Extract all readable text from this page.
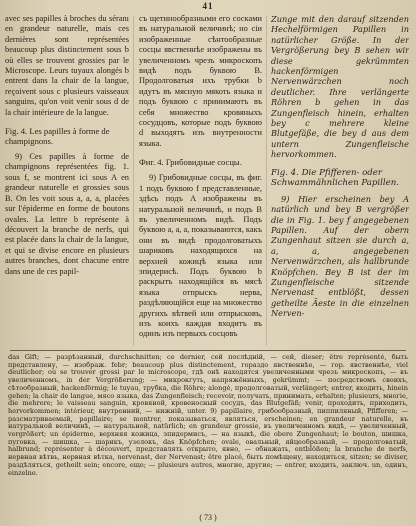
41

avec ses papilles à broches du séranı en grandeur naturelle, mais ces dernières sont représentées beaucoup plus distinctement sous b où elles se trouvent grossies par le Microscope. Leurs tuyaux alongés b entrent dans la chair de la langue, reçoivent sous c plusieurs vaisseaux sanguins, qu'on voit venir sous d de la chair intérieure de la langue.

Fig. 4. Les papilles à forme de champignons.

9) Ces papilles à forme de champignons représentées fig. 1. sous f, se montrent ici sous A en grandeur naturelle et grossies sous B. On les voit sous a, a, a, placées sur l'épiderme en forme de boutons ovales. La lettre b représente à découvert la branche de nerfs, qui est placée dans la chair de la langue, et qui se divise encore en plusieurs autres branches, dont chacune entre dans une de ces papil-

съ щетинообразными его сосками въ натуральной величинѣ; но сіи изображенные сѣнтообразные сосцы явственнѣе изображены въ увеличенномъ чрезъ микроскопъ видѣ подъ буквою B. Продолговатыя ихъ трубки b идутъ въ мясную мякоть языка и подъ буквою с принимаютъ въ себя множество кровяныхъ сосудцовъ, которые подъ буквою d выходятъ изъ внутренности языка.

Фиг. 4. Грибовидные сосцы.

9) Грибовидные сосцы, въ фиг. 1 подъ буквою f представленные, здѣсь подъ A изображены въ натуральной величинѣ, и подъ B въ увеличенномъ видѣ. Подъ буквою a, a, a, показываются, какъ они въ видѣ продолговатыхъ шариковъ находящихся на верхней кожицѣ языка или эпидерисѣ. Подъ буквою b раскрытъ находящійся въ мясѣ языка отпрыскъ нерва, раздѣляющійся еще на множество другихъ вѣтвей или отпрысковъ, изъ коихъ каждая входитъ въ одинъ изъ первыхъ сосцовъ

Zunge mit den darauf sitzenden Hechelförmigen Papillen in natürlicher Größe. In der Vergrößerung bey B sehen wir diese gekrümmten hackenförmigen Nervenwärzchen noch deutlicher. Ihre verlängerte Röhren b gehen in das Zungenfleisch hinein, erhalten bey c mehrere kleine Blutgefäße, die bey d aus dem untern Zungenfleische hervorkommen.

Fig. 4. Die Pfifferen- oder Schwammähnlichen Papillen.

9) Hier erscheinen bey A natürlich und bey B vergrößer die in Fig. 1. bey f angegebenen Papillen. Auf der obern Zungenhaut sitzen sie durch a, a, a, angegebenen Nervenwärzchen, als hallbrunde Knöpfchen. Bey B ist der im Zungenfleische sitzende Nervenast entblößt, dessen getheilte Äeste in die einzelnen Nerven-

das Gift; — разрѣзанный, durchschnitten; ce dernier, сей послѣдній, — сей, dieser; être représenté, быть представлену, — изображ. febr; beaucoup plus distinctement, гораздо явственнѣе, — гор. явственнѣе, viel deutlicher; où se trouver grossi par le microscope, гдѣ онѣ находятся увеличенными чрезъ микроскопъ, — въ увеличенномъ, in der Vergrößerung; — микрокгуть, напряжённыхъ, gekrümmt; — посредствомъ своихъ, сѣтообразный, hackenförmig; le tuyau, трубка, die Röhre; alongé, продолговатый, verlängert; entrer, входить, hinein gehen; la chair de langue, мясо языка, das Zungenfleisch; recevoir, получать, принимать, erhalten; plusieurs, многіе, die mehrere; le vaisseau sanguin, кровяной, кровеносный сосудъ, das Blutgefäß; venir, проходить, приходить, hervorkommen; intérieur, внутренний, — нижній, unter. 9) papillaire, грибообразный, пиппиляный, Pfifferen; — разсматриваемый, papillaire; se montrer, показываться, являться, erscheinen; en grandeur naturelle, въ натуральной величинѣ, — натуральной, natürlich; en grandeur grossie, въ увеличенномъ видѣ, — увеличенный, vergrößert; un épiderme, верхняя кожица, эпидермисъ, — на языкѣ, die obere Zungenhaut; le bouton, шишка, пуговка, — шишка, — шарикъ, узелокъ, das Knöpfchen; ovale, овальный, яйцеобразный, — продолговатый, halbrund; représenter à découvert, представлять открыто, явно, — обнажать, entblößen; la branche de nerfs, нервная вѣтвь, нервная вѣтка, nervenast, der Nervenast; être placé, быть помѣщену, находиться, sitzen; se diviser, раздѣляться, getheilt sein; encore, еще; — plusieurs autres, многие, другие; — entrer, входить, заключ. un, одинъ, einzelne.

( 73 )
